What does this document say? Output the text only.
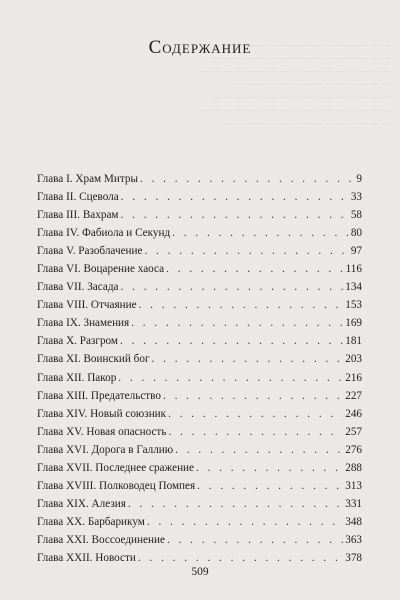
— — — — — — — — — — — — — — — — —
— — — — — — — — — — — — — — — —
— — — — — — — — — — — — — — — — —
— — — — — — — — — — — — — —
— — — — — — — — — — — — — — — —
— — — — — — — — — — — — — — — — —
— — — — — — — — — — — — — — —
Содержание
Глава I. Храм Митры . . .	9
Глава II. Сцевола . . .	33
Глава III. Вахрам . . .	58
Глава IV. Фабиола и Секунд . . .	80
Глава V. Разоблачение . . .	97
Глава VI. Воцарение хаоса . . .	116
Глава VII. Засада . . .	134
Глава VIII. Отчаяние . . .	153
Глава IX. Знамения . . .	169
Глава X. Разгром . . .	181
Глава XI. Воинский бог . . .	203
Глава XII. Пакор . . .	216
Глава XIII. Предательство . . .	227
Глава XIV. Новый союзник . . .	246
Глава XV. Новая опасность . . .	257
Глава XVI. Дорога в Галлию . . .	276
Глава XVII. Последнее сражение . . .	288
Глава XVIII. Полководец Помпея . . .	313
Глава XIX. Алезия . . .	331
Глава XX. Барбарикум . . .	348
Глава XXI. Воссоединение . . .	363
Глава XXII. Новости . . .	378
509
